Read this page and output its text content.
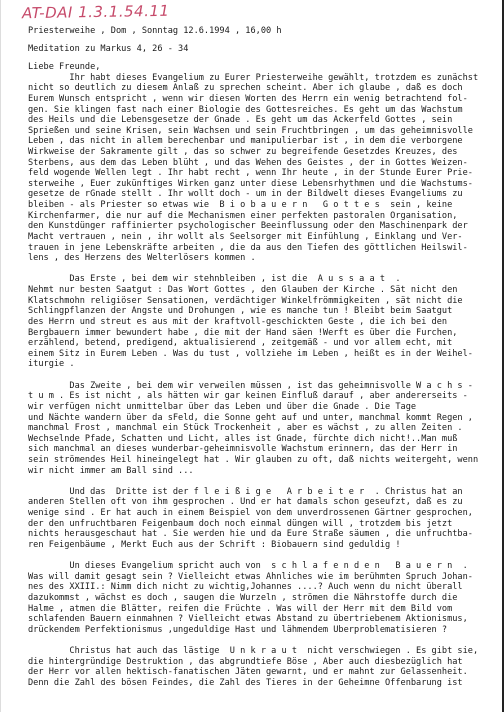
AT-DAI 1.3.1.54.11
Priesterweihe , Dom , Sonntag 12.6.1994 , 16,00 h
Meditation zu Markus 4, 26 - 34
Liebe Freunde,
Ihr habt dieses Evangelium zu Eurer Priesterweihe gewählt, trotzdem es zunächst
nicht so deutlich zu diesem Anlaß zu sprechen scheint. Aber ich glaube , daß es doch
Eurem Wunsch entspricht , wenn wir diesen Worten des Herrn ein wenig betrachtend fol-
gen. Sie klingen fast nach einer Biologie des Gottesreiches. Es geht um das Wachstum
des Heils und die Lebensgesetze der Gnade . Es geht um das Ackerfeld Gottes , sein
Sprießen und seine Krisen, sein Wachsen und sein Fruchtbringen , um das geheimnisvolle
Leben , das nicht in allem berechenbar und manipulierbar ist , in dem die verborgene
Wirkweise der Sakramente gilt , das so schwer zu begreifende Gesetzdes Kreuzes, des
Sterbens, aus dem das Leben blüht , und das Wehen des Geistes , der in Gottes Weizen-
feld wogende Wellen legt . Ihr habt recht , wenn Ihr heute , in der Stunde Eurer Prie-
sterweihe , Euer zukünftiges Wirken ganz unter diese Lebensrhythmen und die Wachstums-
gesetze de rGnade stellt . Ihr wollt doch - um in der Bildwelt dieses Evangeliums zu
bleiben - als Priester so etwas wie  B i o b a u e r n   G o t t e s  sein , keine
Kirchenfarmer, die nur auf die Mechanismen einer perfekten pastoralen Organisation,
den Kunstdünger raffinierter psychologischer Beeinflussung oder den Maschinenpark der
Macht vertrauen , nein , ihr wollt als Seelsorger mit Einfühlung , Einklang und Ver-
trauen in jene Lebenskräfte arbeiten , die da aus den Tiefen des göttlichen Heilswil-
lens , des Herzens des Welterlösers kommen .
Das Erste , bei dem wir stehnbleiben , ist die  A u s s a a t  .
Nehmt nur besten Saatgut : Das Wort Gottes , den Glauben der Kirche . Sät nicht den
Klatschmohn religiöser Sensationen, verdächtiger Winkelfrömmigkeiten , sät nicht die
Schlingpflanzen der Ängste und Drohungen , wie es manche tun ! Bleibt beim Saatgut
des Herrn und streut es aus mit der kraftvoll-geschickten Geste , die ich bei den
Bergbauern immer bewundert habe , die mit der Hand säen !Werft es über die Furchen,
erzählend, betend, predigend, aktualisierend , zeitgemäß - und vor allem echt, mit
einem Sitz in Eurem Leben . Was du tust , vollziehe im Leben , heißt es in der Weihel-
iturgie .
Das Zweite , bei dem wir verweilen müssen , ist das geheimnisvolle W a c h s -
t u m . Es ist nicht , als hätten wir gar keinen Einfluß darauf , aber andererseits -
wir verfügen nicht unmittelbar über das Leben und über die Gnade . Die Tage
und Nächte wandern über da sFeld, die Sonne geht auf und unter, manchmal kommt Regen ,
manchmal Frost , manchmal ein Stück Trockenheit , aber es wächst , zu allen Zeiten .
Wechselnde Pfade, Schatten und Licht, alles ist Gnade, fürchte dich nicht!..Man muß
sich manchmal an dieses wunderbar-geheimnisvolle Wachstum erinnern, das der Herr in
sein strömendes Heil hineingelegt hat . Wir glauben zu oft, daß nichts weitergeht, wenn
wir nicht immer am Ball sind ...
Und das  Dritte ist der f l e i ß i g e   A r b e i t e r  . Christus hat an
anderen Stellen oft von ihm gesprochen . Und er hat damals schon geseufzt, daß es zu
wenige sind . Er hat auch in einem Beispiel von dem unverdrossenen Gärtner gesprochen,
der den unfruchtbaren Feigenbaum doch noch einmal düngen will , trotzdem bis jetzt
nichts herausgeschaut hat . Sie werden hie und da Eure Straße säumen , die unfruchtba-
ren Feigenbäume , Merkt Euch aus der Schrift : Biobauern sind geduldig !
Un dieses Evangelium spricht auch von  s c h l a f e n d e n   B a u e r n  .
Was will damit gesagt sein ? Vielleicht etwas Ähnliches wie im berühmten Spruch Johan-
nes des XXIII.: Nimm dich nicht zu wichtig,Johannes ....? Auch wenn du nicht überall
dazukommst , wächst es doch , saugen die Wurzeln , strömen die Nährstoffe durch die
Halme , atmen die Blätter, reifen die Früchte . Was will der Herr mit dem Bild vom
schlafenden Bauern einmahnen ? Vielleicht etwas Abstand zu übertriebenem Aktionismus,
drückendem Perfektionismus ,ungeduldige Hast und lähmendem Überproblematisieren ?
Christus hat auch das lästige  U n k r a u t  nicht verschwiegen . Es gibt sie,
die hintergründige Destruktion , das abgrundtiefe Böse , Aber auch diesbezüglich hat
der Herr vor allen hektisch-fanatischen Jäten gewarnt, und er mahnt zur Gelassenheit.
Denn die Zahl des bösen Feindes, die Zahl des Tieres in der Geheimne Offenbarung ist
